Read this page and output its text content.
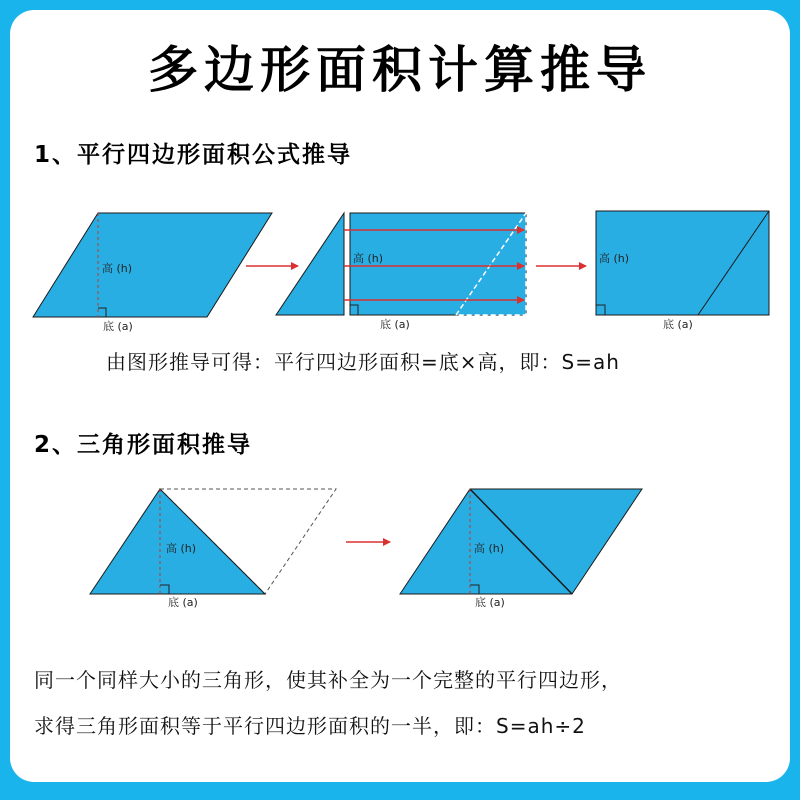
多边形面积计算推导
1、平行四边形面积公式推导
高 (h)
底 (a)
高 (h)
底 (a)
高 (h)
底 (a)
高 (h)
底 (a)
高 (h)
底 (a)
由图形推导可得：平行四边形面积=底×高，即：S=ah
2、三角形面积推导
同一个同样大小的三角形，使其补全为一个完整的平行四边形，
求得三角形面积等于平行四边形面积的一半，即：S=ah÷2
